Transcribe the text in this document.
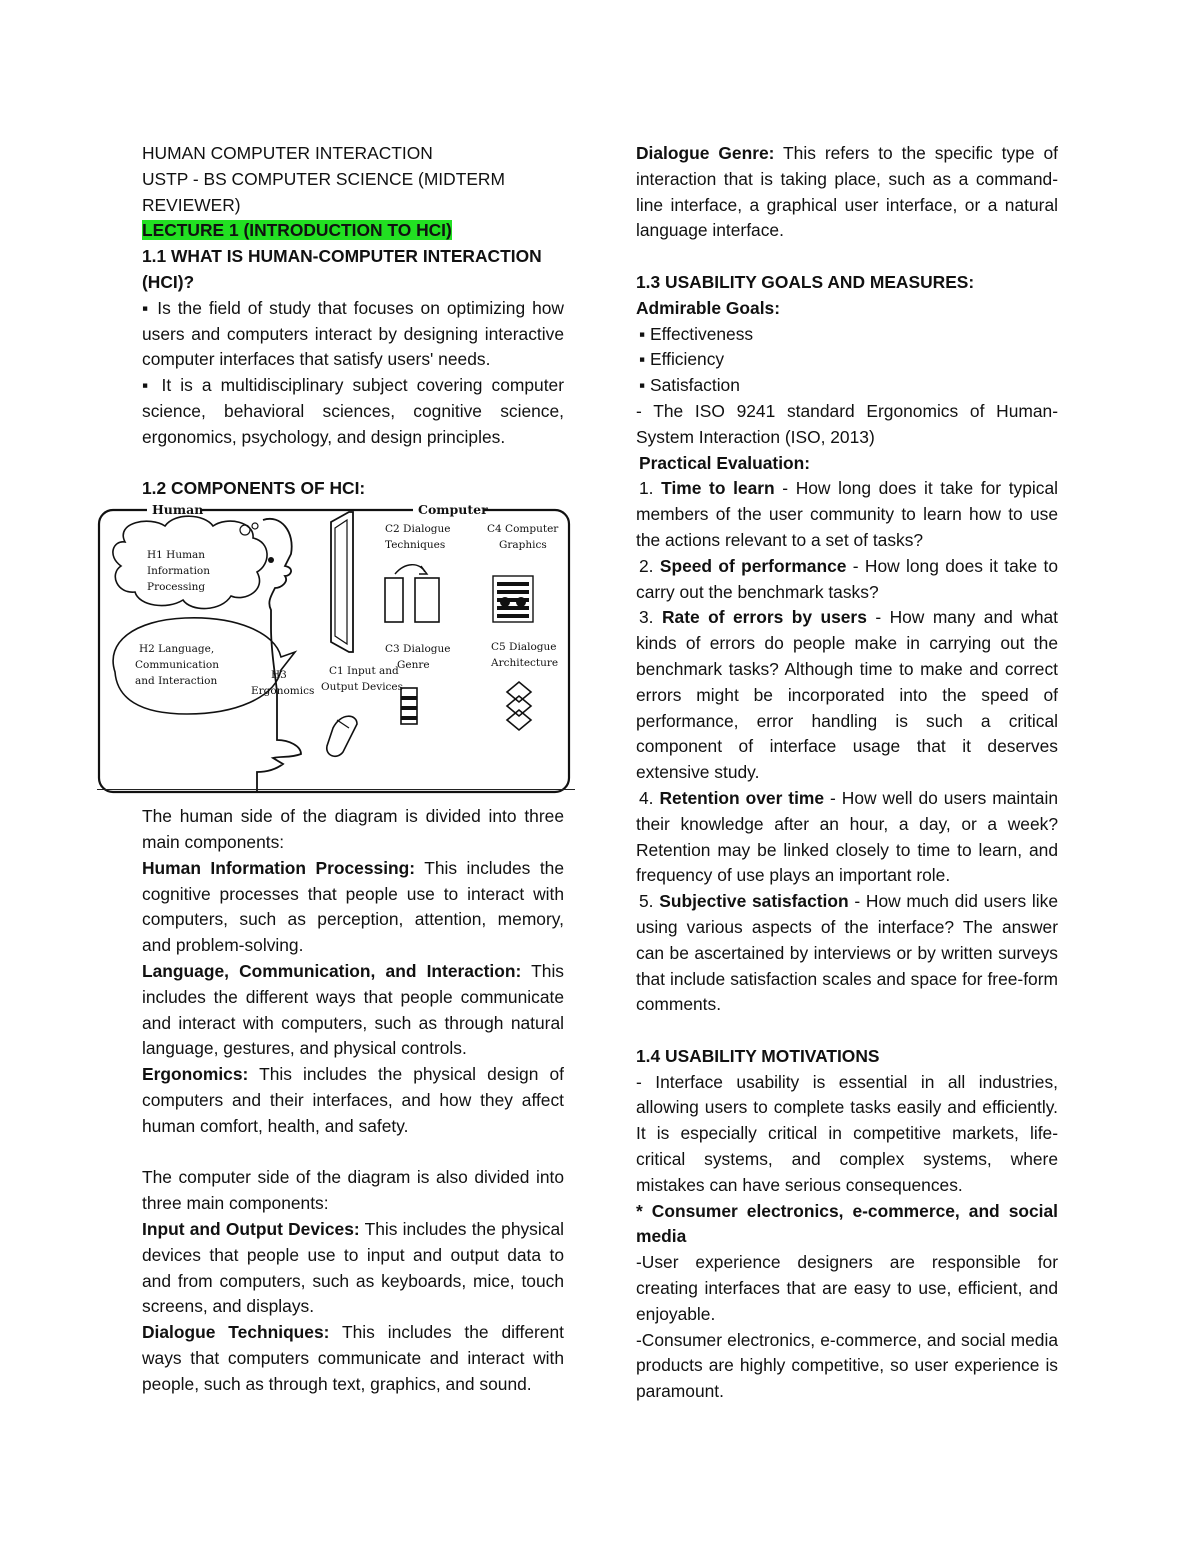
HUMAN COMPUTER INTERACTION

USTP - BS COMPUTER SCIENCE (MIDTERM REVIEWER)

LECTURE 1 (INTRODUCTION TO HCI)

1.1 WHAT IS HUMAN-COMPUTER INTERACTION (HCI)?

▪ Is the field of study that focuses on optimizing how users and computers interact by designing interactive computer interfaces that satisfy users' needs.

▪ It is a multidisciplinary subject covering computer science, behavioral sciences, cognitive science, ergonomics, psychology, and design principles.

1.2 COMPONENTS OF HCI:

Human	Computer
H1 Human
Information
Processing
H2 Language,
Communication
and Interaction	H3
Ergonomics
C1 Input and
Output Devices
C2 Dialogue
Techniques
C3 Dialogue
Genre
C4 Computer
Graphics
C5 Dialogue
Architecture

The human side of the diagram is divided into three main components:

Human Information Processing: This includes the cognitive processes that people use to interact with computers, such as perception, attention, memory, and problem-solving.

Language, Communication, and Interaction: This includes the different ways that people communicate and interact with computers, such as through natural language, gestures, and physical controls.

Ergonomics: This includes the physical design of computers and their interfaces, and how they affect human comfort, health, and safety.

The computer side of the diagram is also divided into three main components:

Input and Output Devices: This includes the physical devices that people use to input and output data to and from computers, such as keyboards, mice, touch screens, and displays.

Dialogue Techniques: This includes the different ways that computers communicate and interact with people, such as through text, graphics, and sound.

Dialogue Genre: This refers to the specific type of interaction that is taking place, such as a command-line interface, a graphical user interface, or a natural language interface.

1.3 USABILITY GOALS AND MEASURES:

Admirable Goals:

▪ Effectiveness

▪ Efficiency

▪ Satisfaction

- The ISO 9241 standard Ergonomics of Human-System Interaction (ISO, 2013)

Practical Evaluation:

1. Time to learn - How long does it take for typical members of the user community to learn how to use the actions relevant to a set of tasks?

2. Speed of performance - How long does it take to carry out the benchmark tasks?

3. Rate of errors by users - How many and what kinds of errors do people make in carrying out the benchmark tasks? Although time to make and correct errors might be incorporated into the speed of performance, error handling is such a critical component of interface usage that it deserves extensive study.

4. Retention over time - How well do users maintain their knowledge after an hour, a day, or a week? Retention may be linked closely to time to learn, and frequency of use plays an important role.

5. Subjective satisfaction - How much did users like using various aspects of the interface? The answer can be ascertained by interviews or by written surveys that include satisfaction scales and space for free-form comments.

1.4 USABILITY MOTIVATIONS

- Interface usability is essential in all industries, allowing users to complete tasks easily and efficiently. It is especially critical in competitive markets, life-critical systems, and complex systems, where mistakes can have serious consequences.

* Consumer electronics, e-commerce, and social media

-User experience designers are responsible for creating interfaces that are easy to use, efficient, and enjoyable.

-Consumer electronics, e-commerce, and social media products are highly competitive, so user experience is paramount.
